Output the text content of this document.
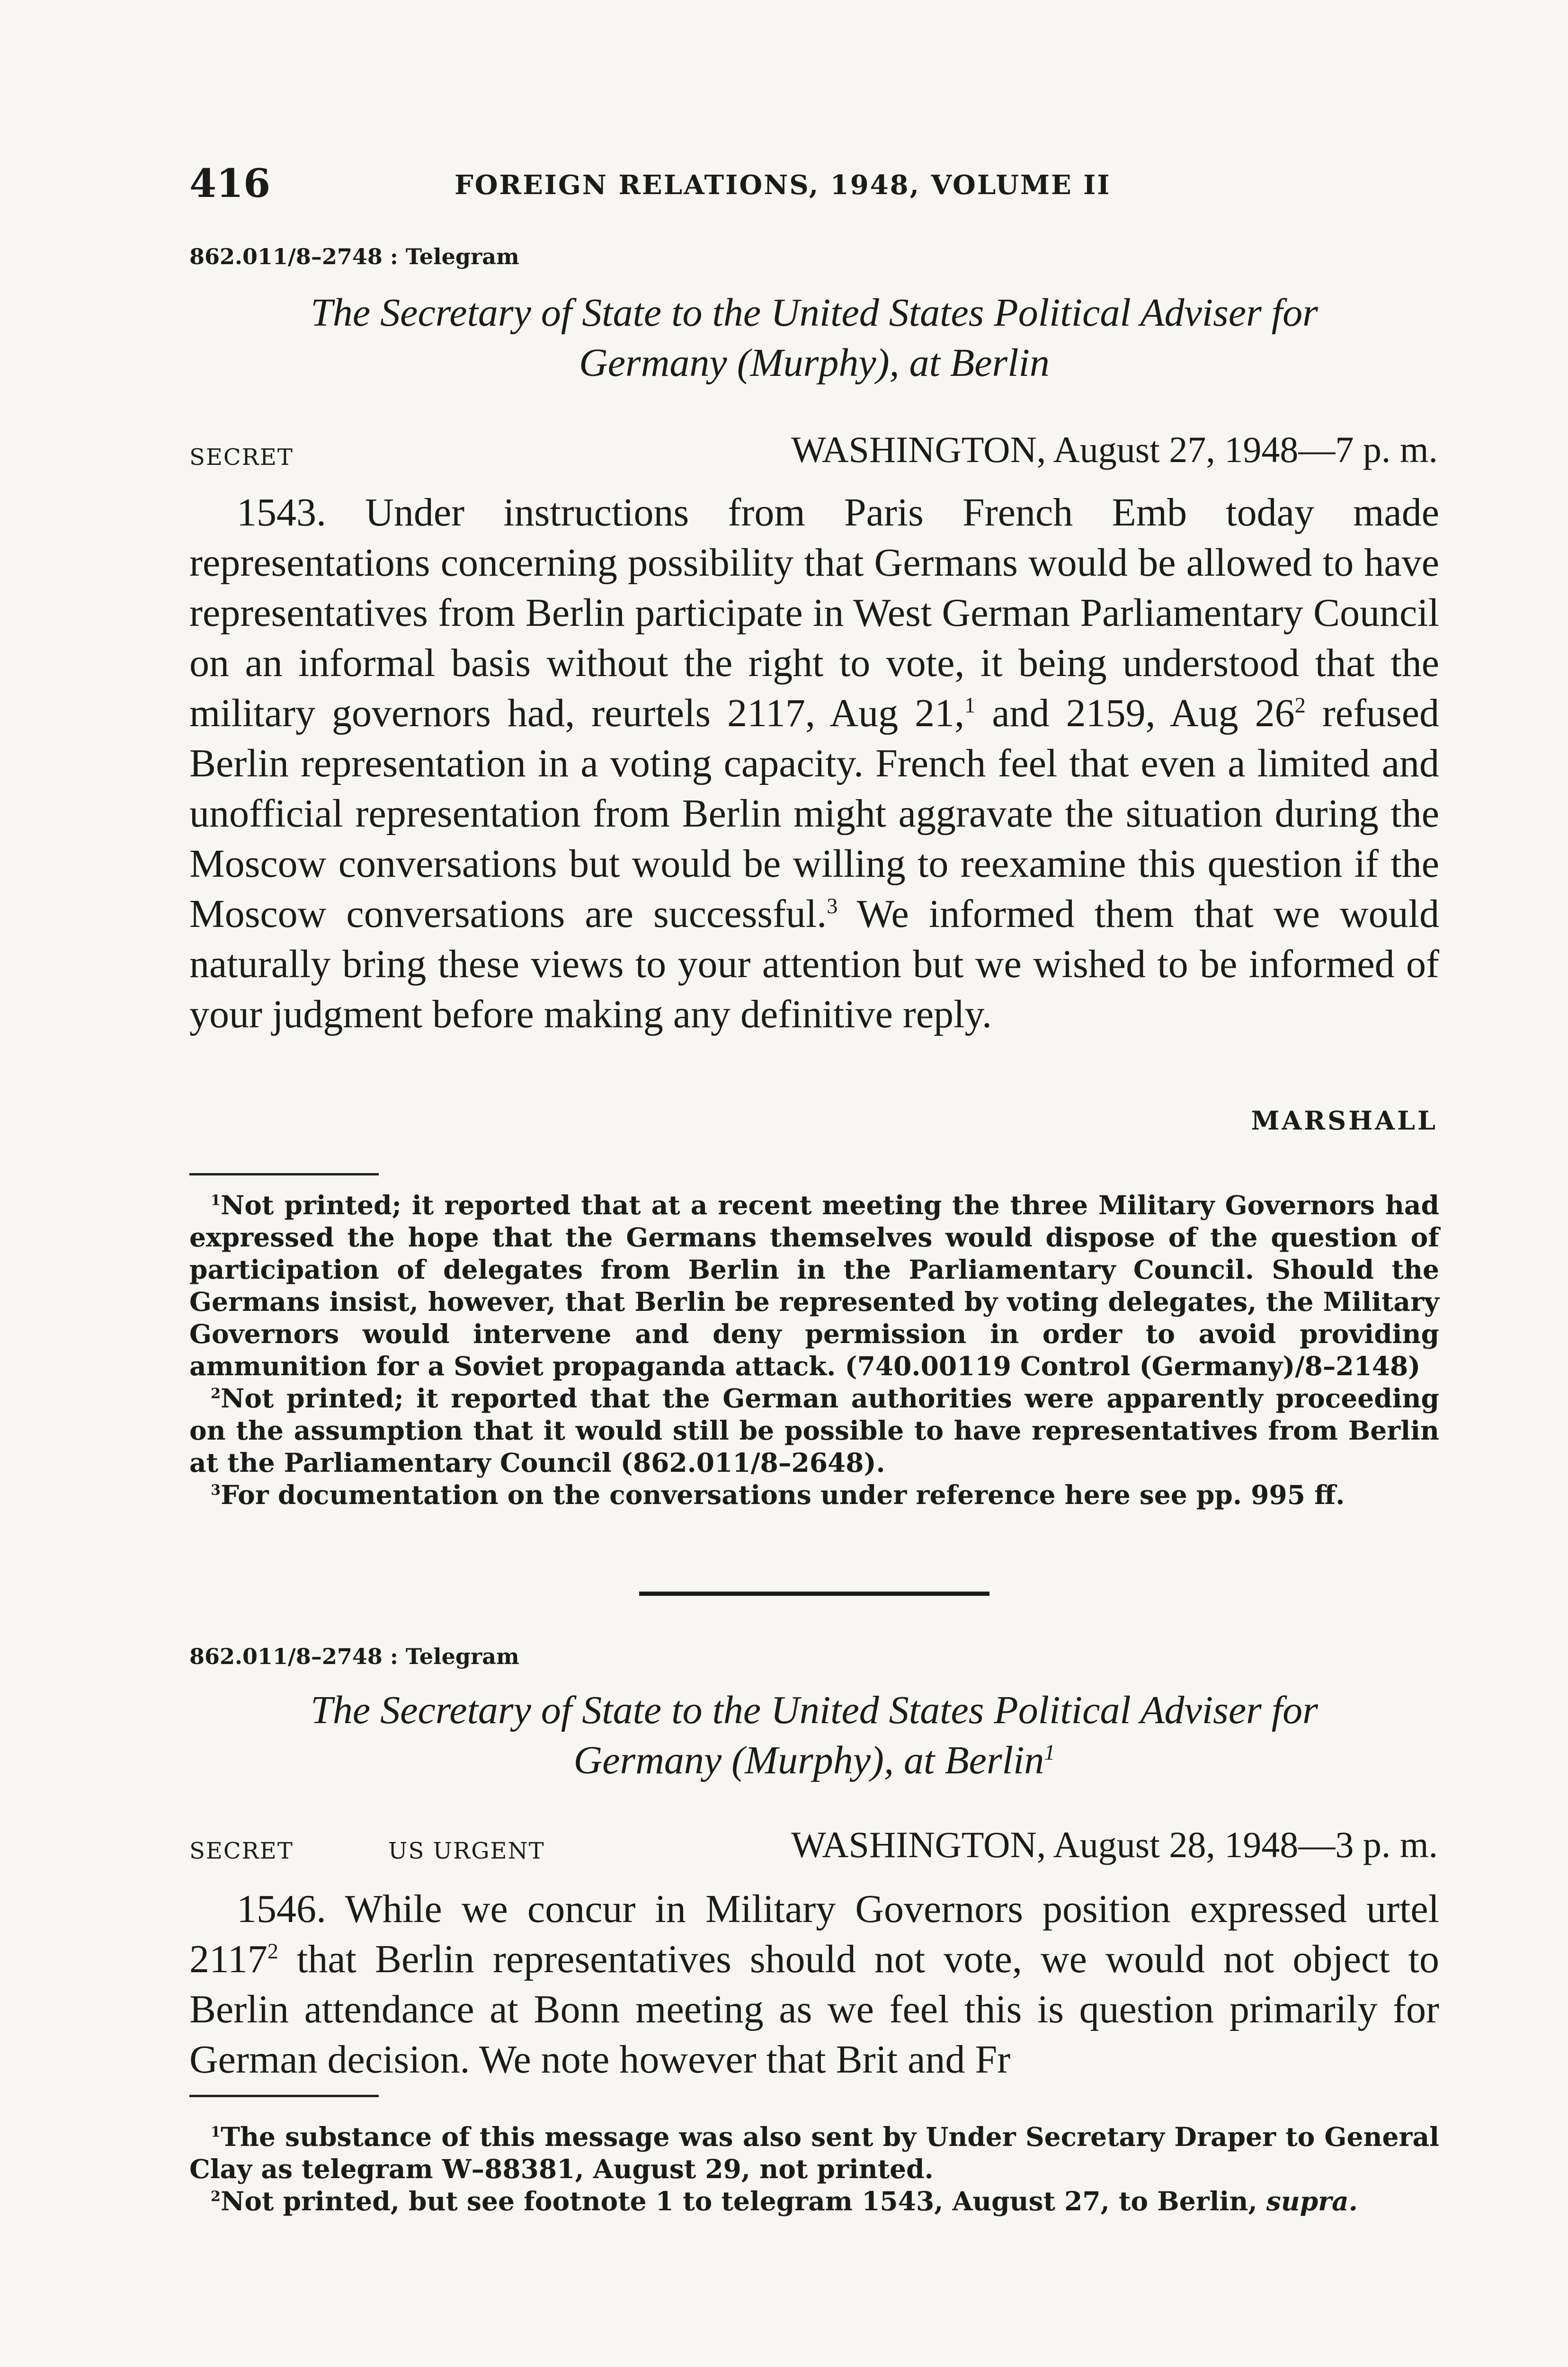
416	FOREIGN RELATIONS, 1948, VOLUME II
862.011/8–2748 : Telegram
The Secretary of State to the United States Political Adviser for
Germany (Murphy), at Berlin
SECRET	WASHINGTON, August 27, 1948—7 p. m.
1543. Under instructions from Paris French Emb today made representations concerning possibility that Germans would be allowed to have representatives from Berlin participate in West German Parliamentary Council on an informal basis without the right to vote, it being understood that the military governors had, reurtels 2117, Aug 21,$^1$ and 2159, Aug $26^2$ refused Berlin representation in a voting capacity. French feel that even a limited and unofficial representation from Berlin might aggravate the situation during the Moscow conversations but would be willing to reexamine this question if the Moscow conversations are successful.$^3$ We informed them that we would naturally bring these views to your attention but we wished to be informed of your judgment before making any definitive reply.
MARSHALL

$^1$Not printed; it reported that at a recent meeting the three Military Governors had expressed the hope that the Germans themselves would dispose of the question of participation of delegates from Berlin in the Parliamentary Council. Should the Germans insist, however, that Berlin be represented by voting delegates, the Military Governors would intervene and deny permission in order to avoid providing ammunition for a Soviet propaganda attack. (740.00119 Control (Germany)/8–2148)

$^2$Not printed; it reported that the German authorities were apparently proceeding on the assumption that it would still be possible to have representatives from Berlin at the Parliamentary Council (862.011/8–2648).

$^3$For documentation on the conversations under reference here see pp. 995 ff.

862.011/8–2748 : Telegram
The Secretary of State to the United States Political Adviser for
Germany (Murphy), at Berlin$^1$
SECRET	US URGENT	WASHINGTON, August 28, 1948—3 p. m.
1546. While we concur in Military Governors position expressed urtel 2117$^2$ that Berlin representatives should not vote, we would not object to Berlin attendance at Bonn meeting as we feel this is question primarily for German decision. We note however that Brit and Fr

$^1$The substance of this message was also sent by Under Secretary Draper to General Clay as telegram W–88381, August 29, not printed.

$^2$Not printed, but see footnote 1 to telegram 1543, August 27, to Berlin, supra.
